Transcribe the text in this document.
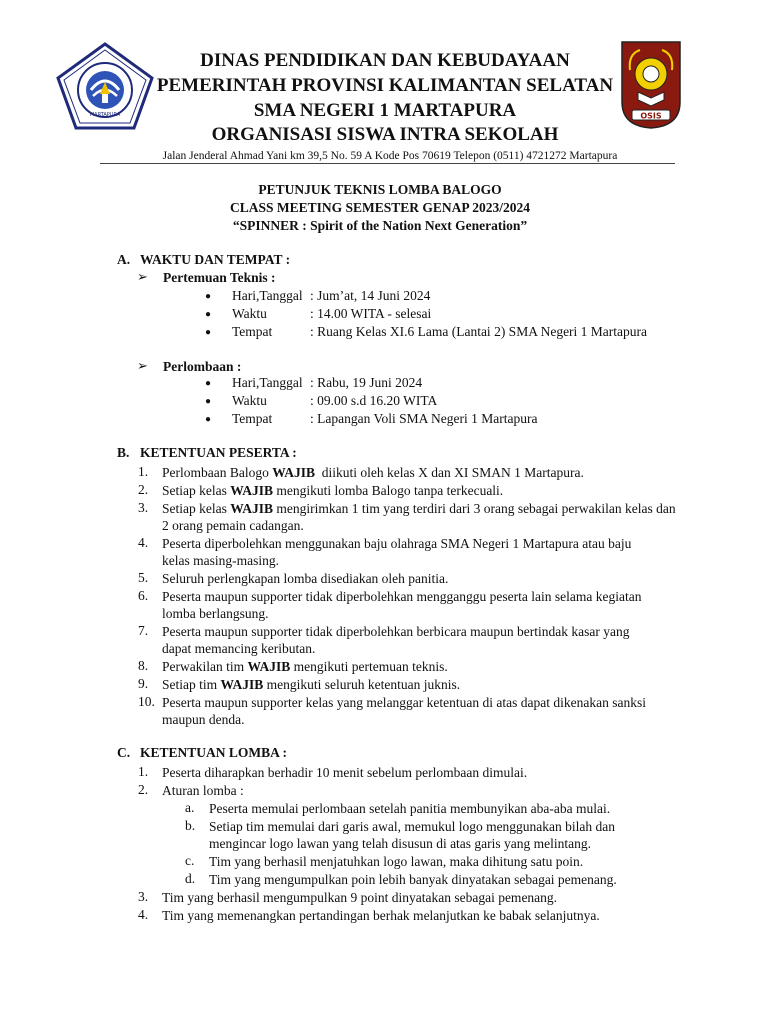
MARTAPURA	OSIS
DINAS PENDIDIKAN DAN KEBUDAYAAN
PEMERINTAH PROVINSI KALIMANTAN SELATAN
SMA NEGERI 1 MARTAPURA
ORGANISASI SISWA INTRA SEKOLAH
Jalan Jenderal Ahmad Yani km 39,5 No. 59 A Kode Pos 70619 Telepon (0511) 4721272 Martapura
PETUNJUK TEKNIS LOMBA BALOGO
CLASS MEETING SEMESTER GENAP 2023/2024
“SPINNER : Spirit of the Nation Next Generation”
A. WAKTU DAN TEMPAT :
➢ Pertemuan Teknis :
● Hari,Tanggal : Jum’at, 14 Juni 2024
● Waktu	: 14.00 WITA - selesai
● Tempat	: Ruang Kelas XI.6 Lama (Lantai 2) SMA Negeri 1 Martapura
➢ Perlombaan :
● Hari,Tanggal : Rabu, 19 Juni 2024
● Waktu	: 09.00 s.d 16.20 WITA
● Tempat	: Lapangan Voli SMA Negeri 1 Martapura
B. KETENTUAN PESERTA :
1. Perlombaan Balogo WAJIB  diikuti oleh kelas X dan XI SMAN 1 Martapura.
2. Setiap kelas WAJIB mengikuti lomba Balogo tanpa terkecuali.
3. Setiap kelas WAJIB mengirimkan 1 tim yang terdiri dari 3 orang sebagai perwakilan kelas dan 2 orang pemain cadangan.
4. Peserta diperbolehkan menggunakan baju olahraga SMA Negeri 1 Martapura atau baju kelas masing-masing.
5. Seluruh perlengkapan lomba disediakan oleh panitia.
6. Peserta maupun supporter tidak diperbolehkan mengganggu peserta lain selama kegiatan lomba berlangsung.
7. Peserta maupun supporter tidak diperbolehkan berbicara maupun bertindak kasar yang dapat memancing keributan.
8. Perwakilan tim WAJIB mengikuti pertemuan teknis.
9. Setiap tim WAJIB mengikuti seluruh ketentuan juknis.
10. Peserta maupun supporter kelas yang melanggar ketentuan di atas dapat dikenakan sanksi maupun denda.
C. KETENTUAN LOMBA :
1. Peserta diharapkan berhadir 10 menit sebelum perlombaan dimulai.
2. Aturan lomba :
a. Peserta memulai perlombaan setelah panitia membunyikan aba-aba mulai.
b. Setiap tim memulai dari garis awal, memukul logo menggunakan bilah dan mengincar logo lawan yang telah disusun di atas garis yang melintang.
c. Tim yang berhasil menjatuhkan logo lawan, maka dihitung satu poin.
d. Tim yang mengumpulkan poin lebih banyak dinyatakan sebagai pemenang.
3. Tim yang berhasil mengumpulkan 9 point dinyatakan sebagai pemenang.
4. Tim yang memenangkan pertandingan berhak melanjutkan ke babak selanjutnya.
